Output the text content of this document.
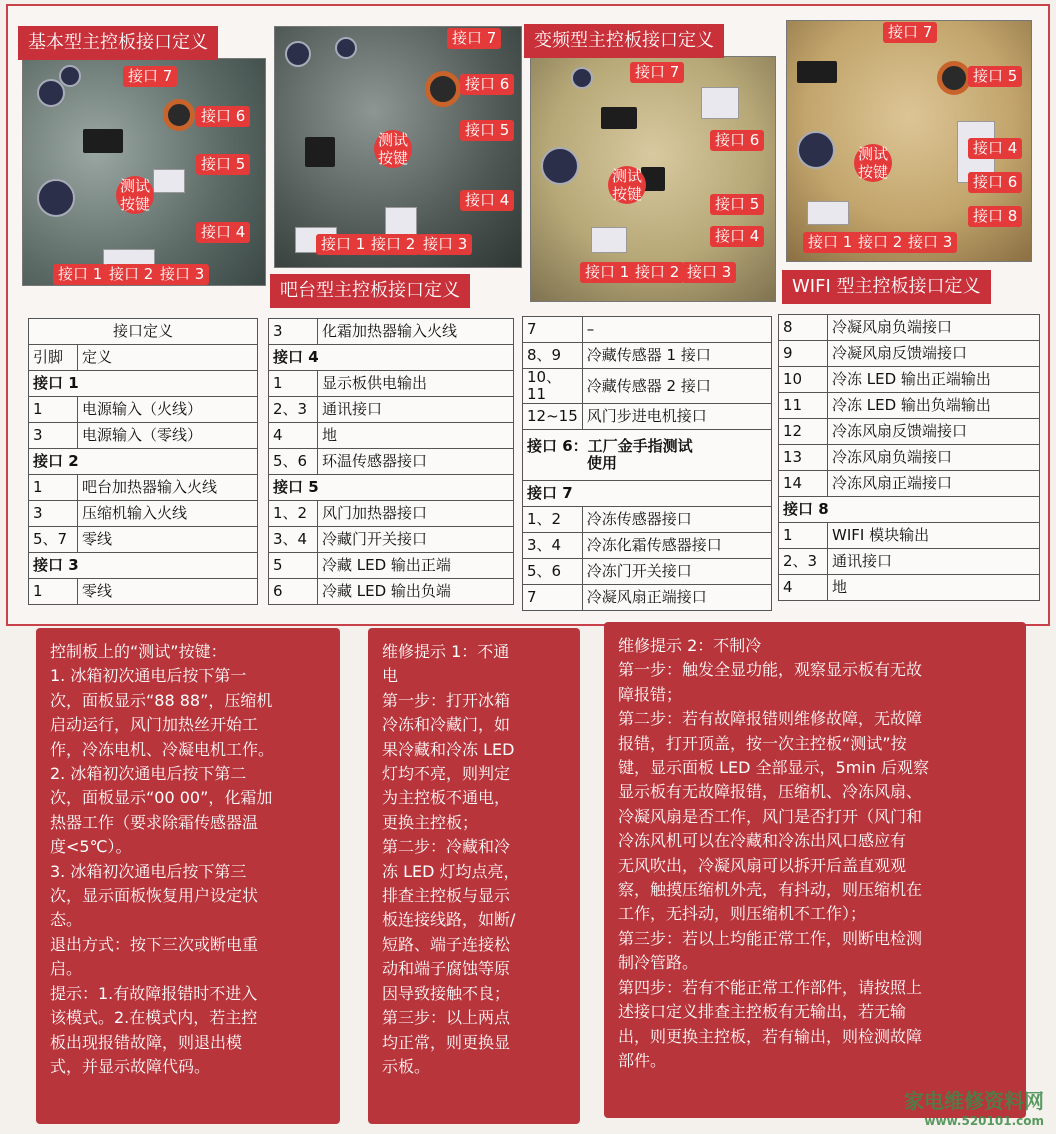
接口 7
接口 6
接口 5
接口 4
接口 1 接口 2 接口 3
测试按键
基本型主控板接口定义	接口 7
接口 6
接口 5
接口 4
接口 1 接口 2 接口 3
测试按键
吧台型主控板接口定义
接口 7
接口 6
接口 5
接口 4
接口 1 接口 2 接口 3
测试按键
变频型主控板接口定义	接口 7
接口 5
接口 4
接口 6
接口 8
接口 1 接口 2 接口 3
测试按键
WIFI 型主控板接口定义
接口定义	
引脚	定义
接口 1	
1	电源输入（火线）
3	电源输入（零线）
接口 2	
1	吧台加热器输入火线
3	压缩机输入火线
5、7	零线
接口 3	
1	零线
3	化霜加热器输入火线
接口 4	
1	显示板供电输出
2、3	通讯接口
4	地
5、6	环温传感器接口
接口 5	
1、2	风门加热器接口
3、4	冷藏门开关接口
5	冷藏 LED 输出正端
6	冷藏 LED 输出负端
7	–
8、9	冷藏传感器 1 接口
10、11	冷藏传感器 2 接口
12~15	风门步进电机接口

接口 6：工厂金手指测试
使用	

接口 7	
1、2	冷冻传感器接口
3、4	冷冻化霜传感器接口
5、6	冷冻门开关接口
7	冷凝风扇正端接口
8	冷凝风扇负端接口
9	冷凝风扇反馈端接口
10	冷冻 LED 输出正端输出
11	冷冻 LED 输出负端输出
12	冷冻风扇反馈端接口
13	冷冻风扇负端接口
14	冷冻风扇正端接口
接口 8	
1	WIFI 模块输出
2、3	通讯接口
4	地
控制板上的“测试”按键：
1. 冰箱初次通电后按下第一
次，面板显示“88 88”，压缩机
启动运行，风门加热丝开始工
作，冷冻电机、冷凝电机工作。
2. 冰箱初次通电后按下第二
次，面板显示“00 00”，化霜加
热器工作（要求除霜传感器温
度<5℃）。
3. 冰箱初次通电后按下第三
次，显示面板恢复用户设定状
态。
退出方式：按下三次或断电重
启。
提示：1.有故障报错时不进入
该模式。2.在模式内，若主控
板出现报错故障，则退出模
式，并显示故障代码。
维修提示 1：不通
电
第一步：打开冰箱
冷冻和冷藏门，如
果冷藏和冷冻 LED
灯均不亮，则判定
为主控板不通电，
更换主控板；
第二步：冷藏和冷
冻 LED 灯均点亮，
排查主控板与显示
板连接线路，如断/
短路、端子连接松
动和端子腐蚀等原
因导致接触不良；
第三步：以上两点
均正常，则更换显
示板。
维修提示 2：不制冷
第一步：触发全显功能，观察显示板有无故
障报错；
第二步：若有故障报错则维修故障，无故障
报错，打开顶盖，按一次主控板“测试”按
键，显示面板 LED 全部显示，5min 后观察
显示板有无故障报错，压缩机、冷冻风扇、
冷凝风扇是否工作，风门是否打开（风门和
冷冻风机可以在冷藏和冷冻出风口感应有
无风吹出，冷凝风扇可以拆开后盖直观观
察，触摸压缩机外壳，有抖动，则压缩机在
工作，无抖动，则压缩机不工作）；
第三步：若以上均能正常工作，则断电检测
制冷管路。
第四步：若有不能正常工作部件，请按照上
述接口定义排查主控板有无输出，若无输
出，则更换主控板，若有输出，则检测故障
部件。
家电维修资料网
www.520101.com
